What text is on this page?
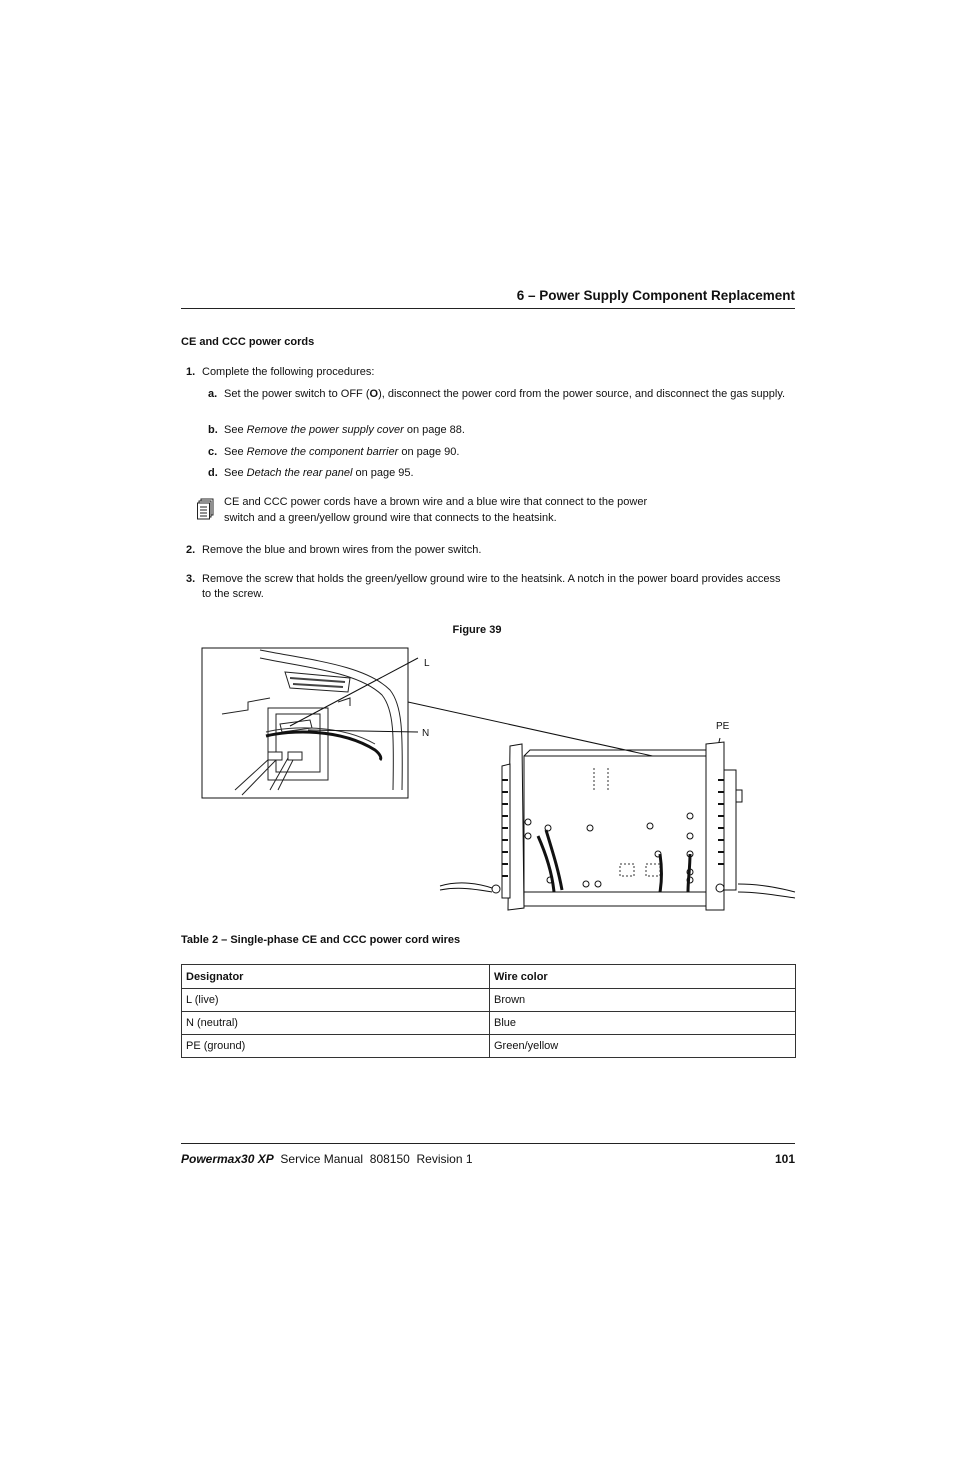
6 – Power Supply Component Replacement
CE and CCC power cords
1. Complete the following procedures:
a. Set the power switch to OFF (O), disconnect the power cord from the power source, and disconnect the gas supply.
b. See Remove the power supply cover on page 88.
c. See Remove the component barrier on page 90.
d. See Detach the rear panel on page 95.
CE and CCC power cords have a brown wire and a blue wire that connect to the power
switch and a green/yellow ground wire that connects to the heatsink.
2. Remove the blue and brown wires from the power switch.
3. Remove the screw that holds the green/yellow ground wire to the heatsink. A notch in the power board provides access to the screw.
Figure 39
L
N
PE
Table 2 – Single-phase CE and CCC power cord wires
Designator	Wire color
L (live)	Brown
N (neutral)	Blue
PE (ground)	Green/yellow
Powermax30 XP Service Manual  808150  Revision 1	101
